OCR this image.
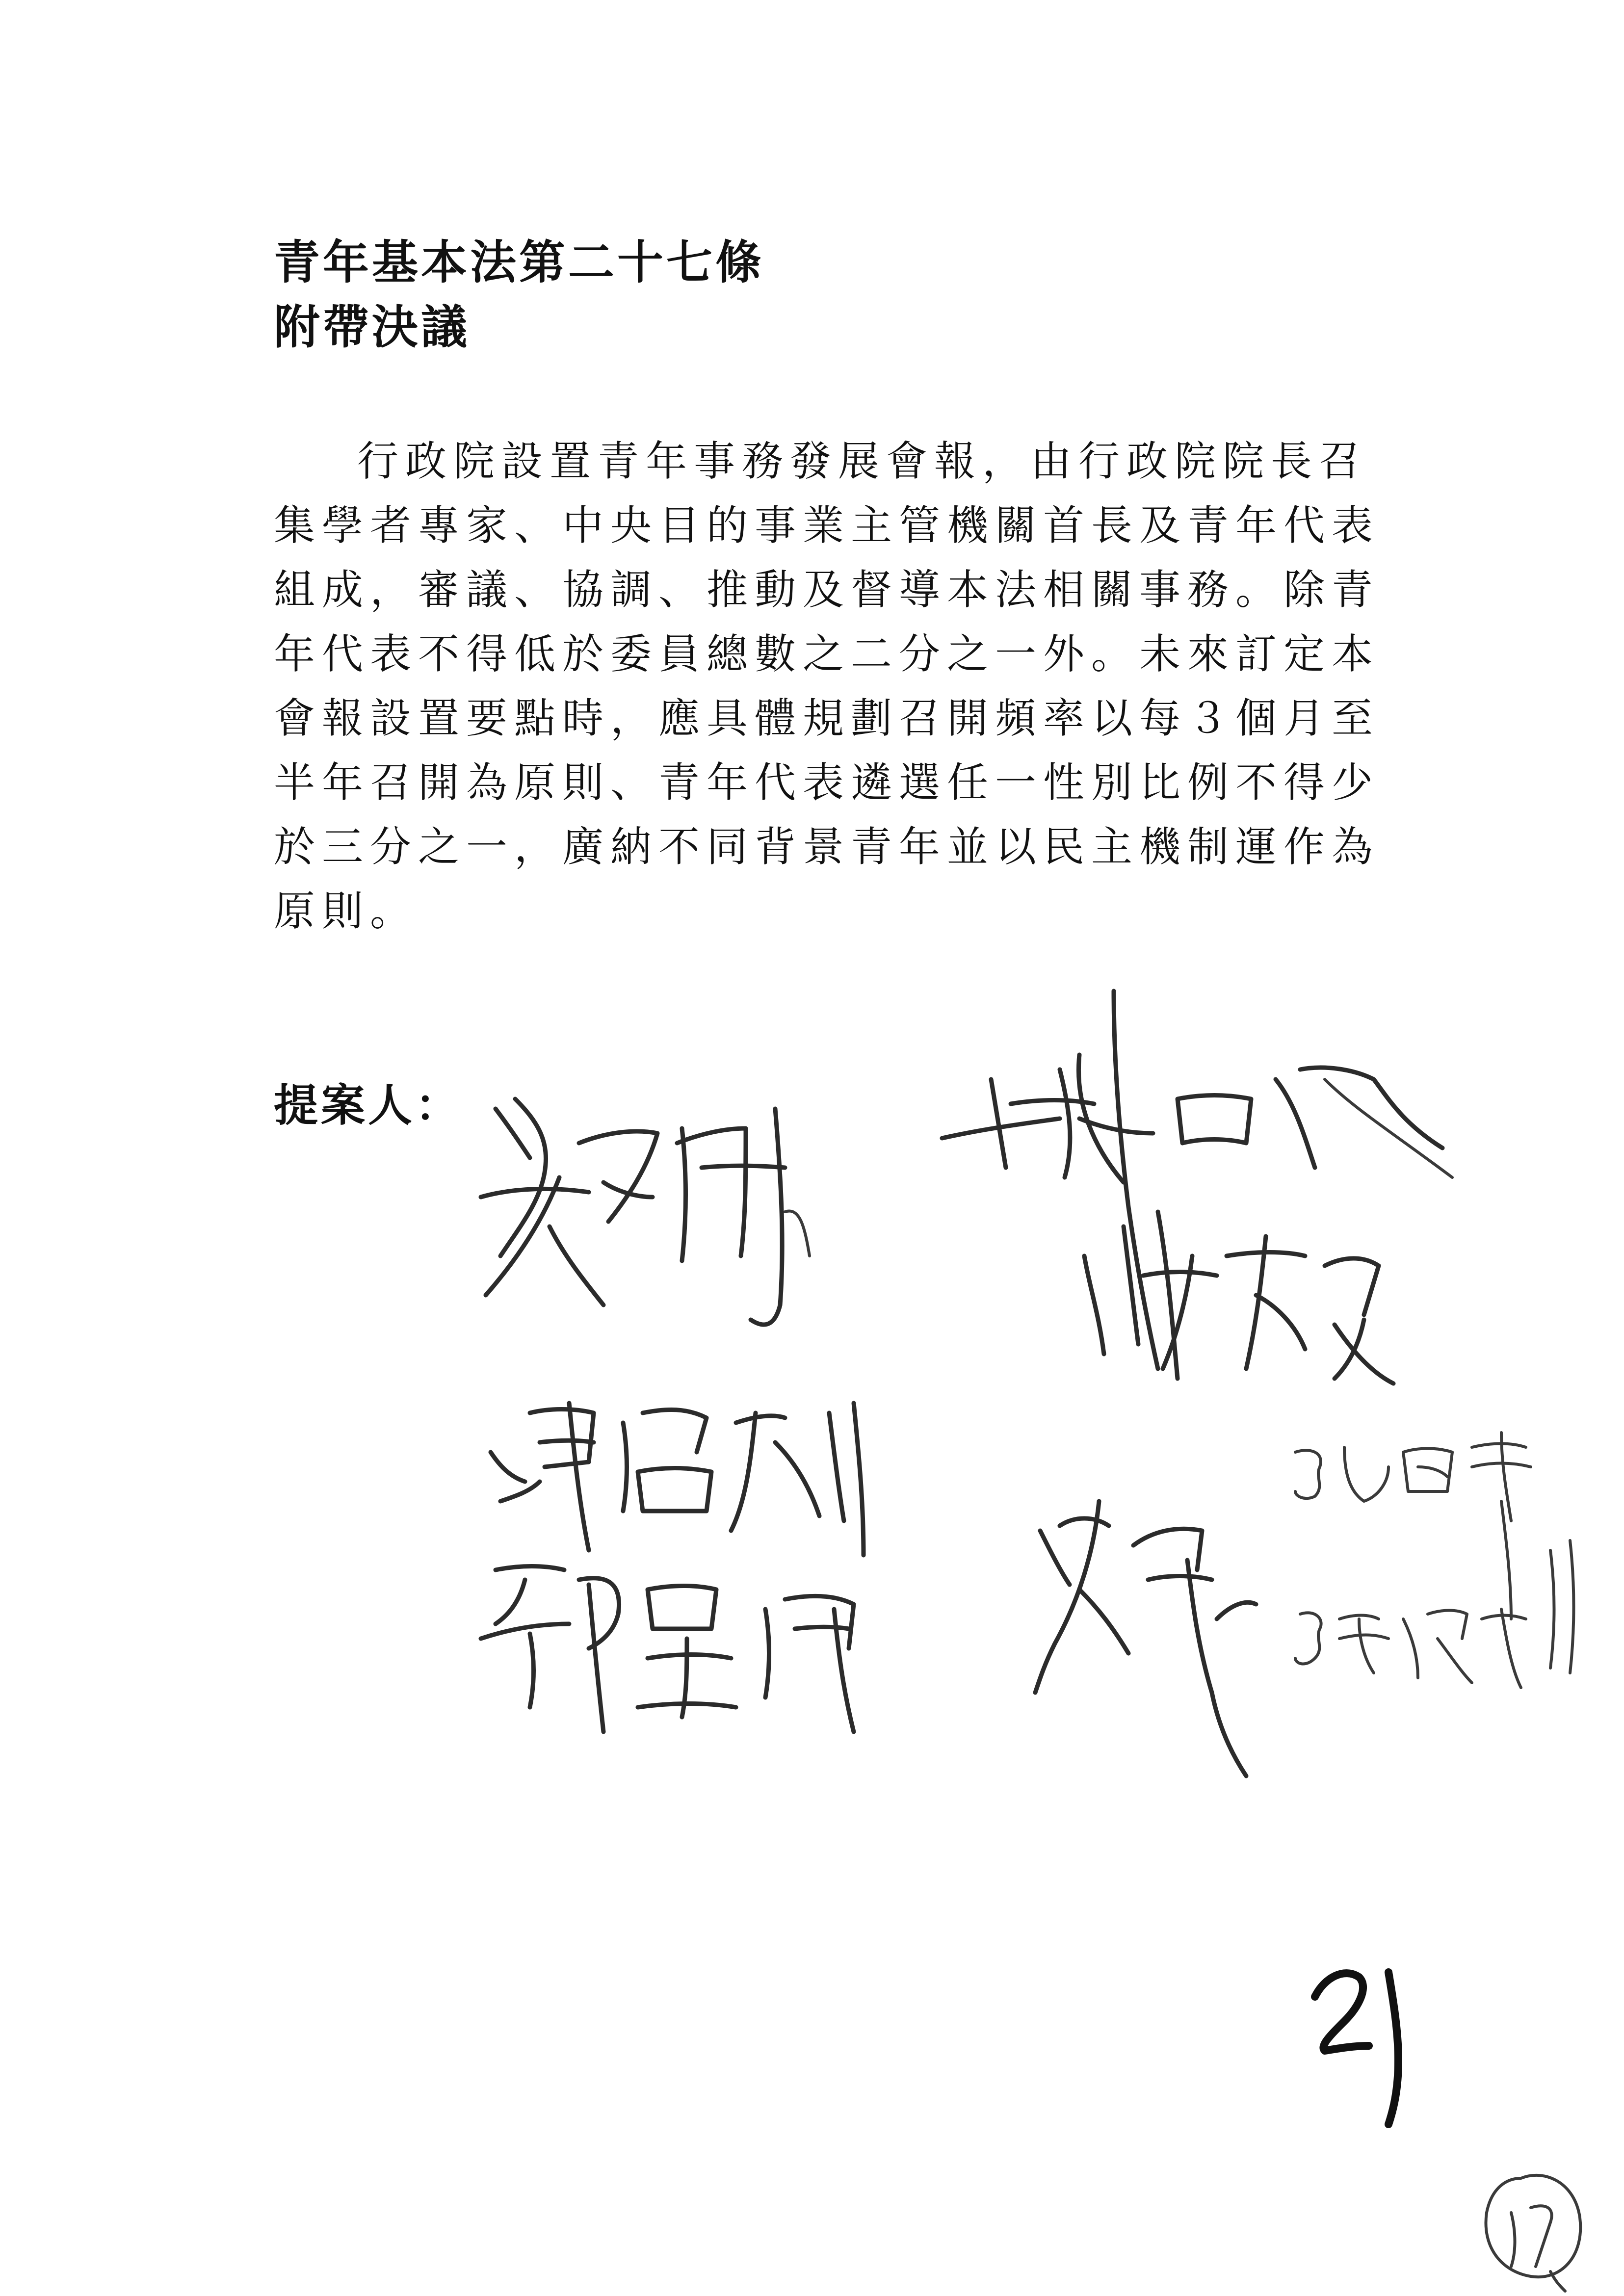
青年基本法第二十七條
附帶決議
行政院設置青年事務發展會報，由行政院院長召
集學者專家、中央目的事業主管機關首長及青年代表
組成，審議、協調、推動及督導本法相關事務。除青
年代表不得低於委員總數之二分之一外。未來訂定本
會報設置要點時，應具體規劃召開頻率以每３個月至
半年召開為原則、青年代表遴選任一性別比例不得少
於三分之一，廣納不同背景青年並以民主機制運作為
原則。
提案人：
